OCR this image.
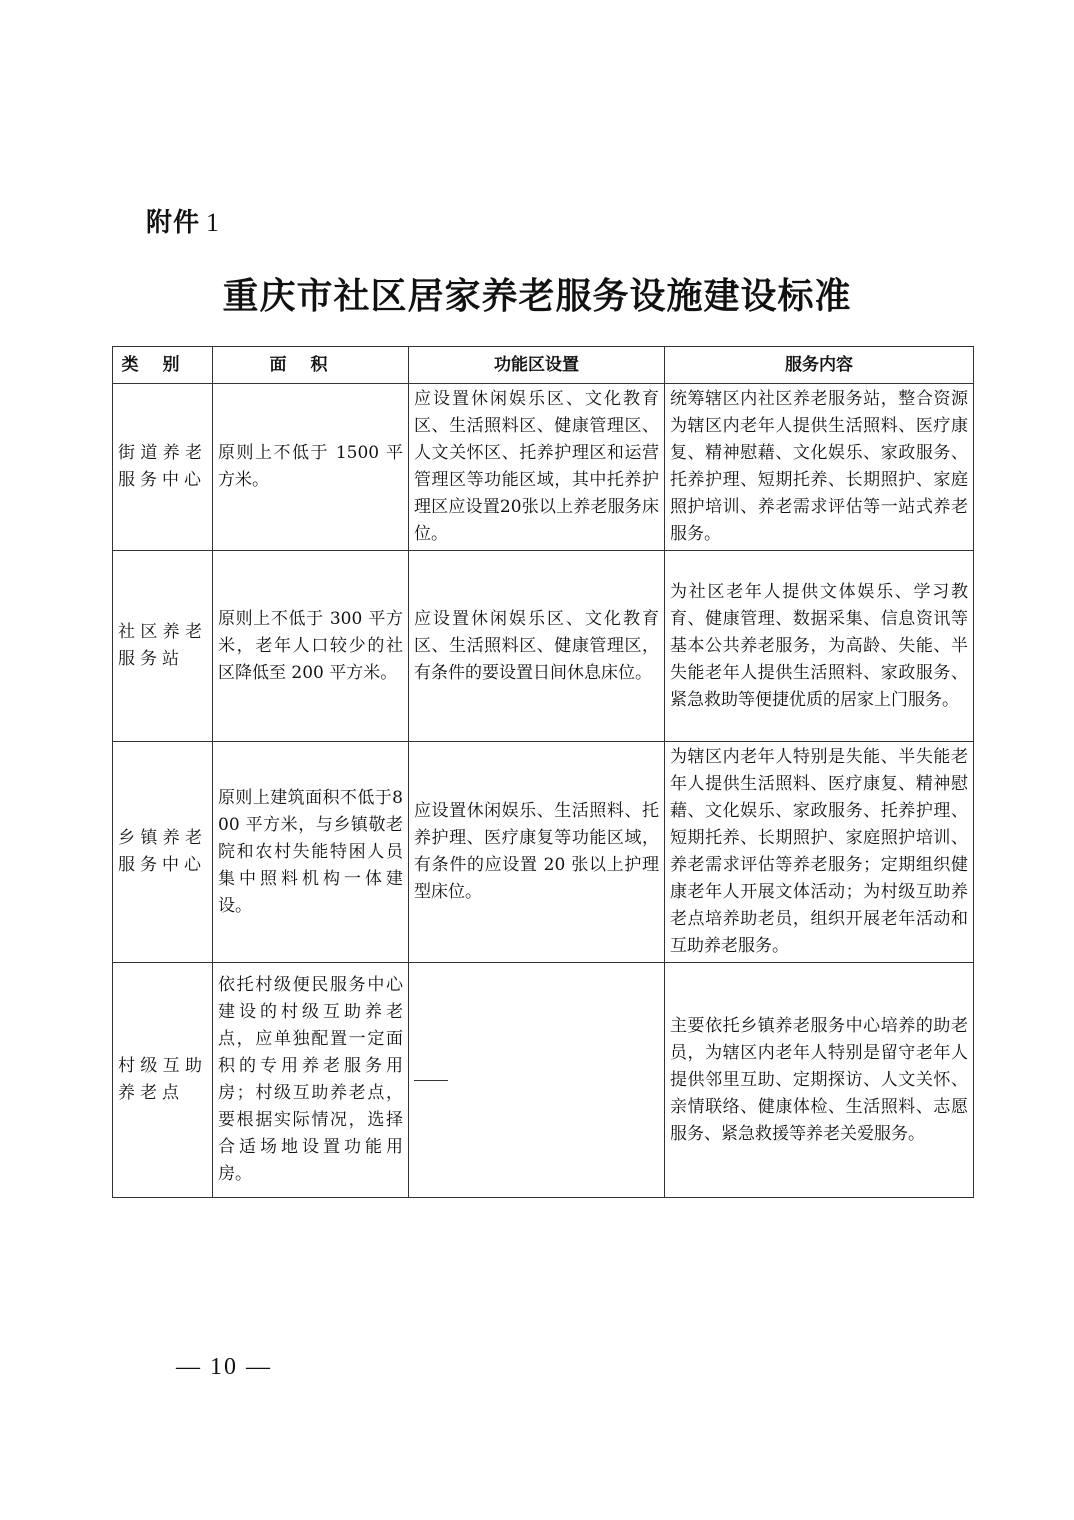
附件 1
重庆市社区居家养老服务设施建设标准
类别	面积	功能区设置	服务内容
街道养老服务中心	原则上不低于 1500 平方米。	应设置休闲娱乐区、文化教育区、生活照料区、健康管理区、人文关怀区、托养护理区和运营管理区等功能区域，其中托养护理区应设置20张以上养老服务床位。	统筹辖区内社区养老服务站，整合资源为辖区内老年人提供生活照料、医疗康复、精神慰藉、文化娱乐、家政服务、托养护理、短期托养、长期照护、家庭照护培训、养老需求评估等一站式养老服务。
社区养老服务站	原则上不低于 300 平方米，老年人口较少的社区降低至 200 平方米。	应设置休闲娱乐区、文化教育区、生活照料区、健康管理区，有条件的要设置日间休息床位。	为社区老年人提供文体娱乐、学习教育、健康管理、数据采集、信息资讯等基本公共养老服务，为高龄、失能、半失能老年人提供生活照料、家政服务、紧急救助等便捷优质的居家上门服务。
乡镇养老服务中心	原则上建筑面积不低于800 平方米，与乡镇敬老院和农村失能特困人员集中照料机构一体建设。	应设置休闲娱乐、生活照料、托养护理、医疗康复等功能区域，有条件的应设置 20 张以上护理型床位。	为辖区内老年人特别是失能、半失能老年人提供生活照料、医疗康复、精神慰藉、文化娱乐、家政服务、托养护理、短期托养、长期照护、家庭照护培训、养老需求评估等养老服务；定期组织健康老年人开展文体活动；为村级互助养老点培养助老员，组织开展老年活动和互助养老服务。
村级互助养老点	依托村级便民服务中心建设的村级互助养老点，应单独配置一定面积的专用养老服务用房；村级互助养老点，要根据实际情况，选择合适场地设置功能用房。		主要依托乡镇养老服务中心培养的助老员，为辖区内老年人特别是留守老年人提供邻里互助、定期探访、人文关怀、亲情联络、健康体检、生活照料、志愿服务、紧急救援等养老关爱服务。
— 10 —
